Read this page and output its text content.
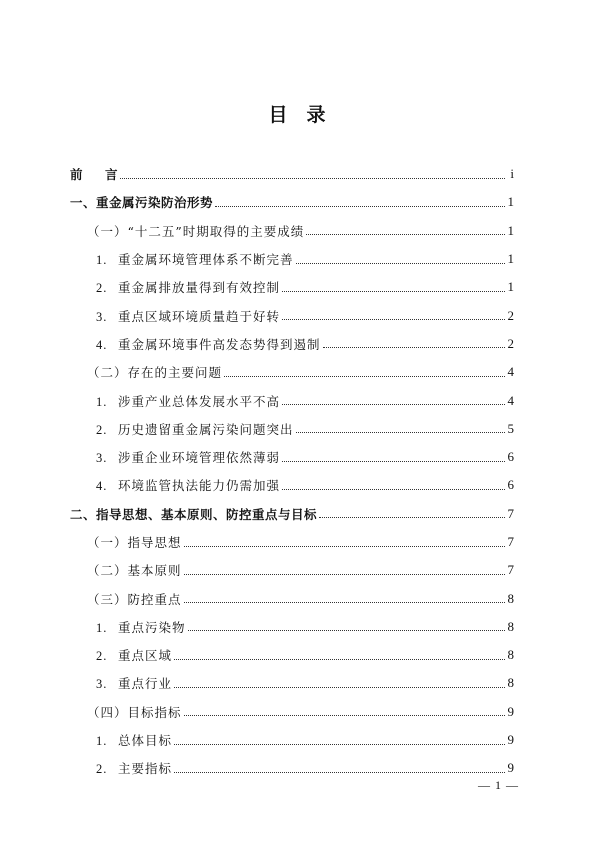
目 录
前 言	i
一、重金属污染防治形势	1
（一）“十二五”时期取得的主要成绩	1
1. 重金属环境管理体系不断完善	1
2. 重金属排放量得到有效控制	1
3. 重点区域环境质量趋于好转	2
4. 重金属环境事件高发态势得到遏制	2
（二）存在的主要问题	4
1. 涉重产业总体发展水平不高	4
2. 历史遗留重金属污染问题突出	5
3. 涉重企业环境管理依然薄弱	6
4. 环境监管执法能力仍需加强	6
二、指导思想、基本原则、防控重点与目标	7
（一）指导思想	7
（二）基本原则	7
（三）防控重点	8
1. 重点污染物	8
2. 重点区域	8
3. 重点行业	8
（四）目标指标	9
1. 总体目标	9
2. 主要指标	9
— 1 —
